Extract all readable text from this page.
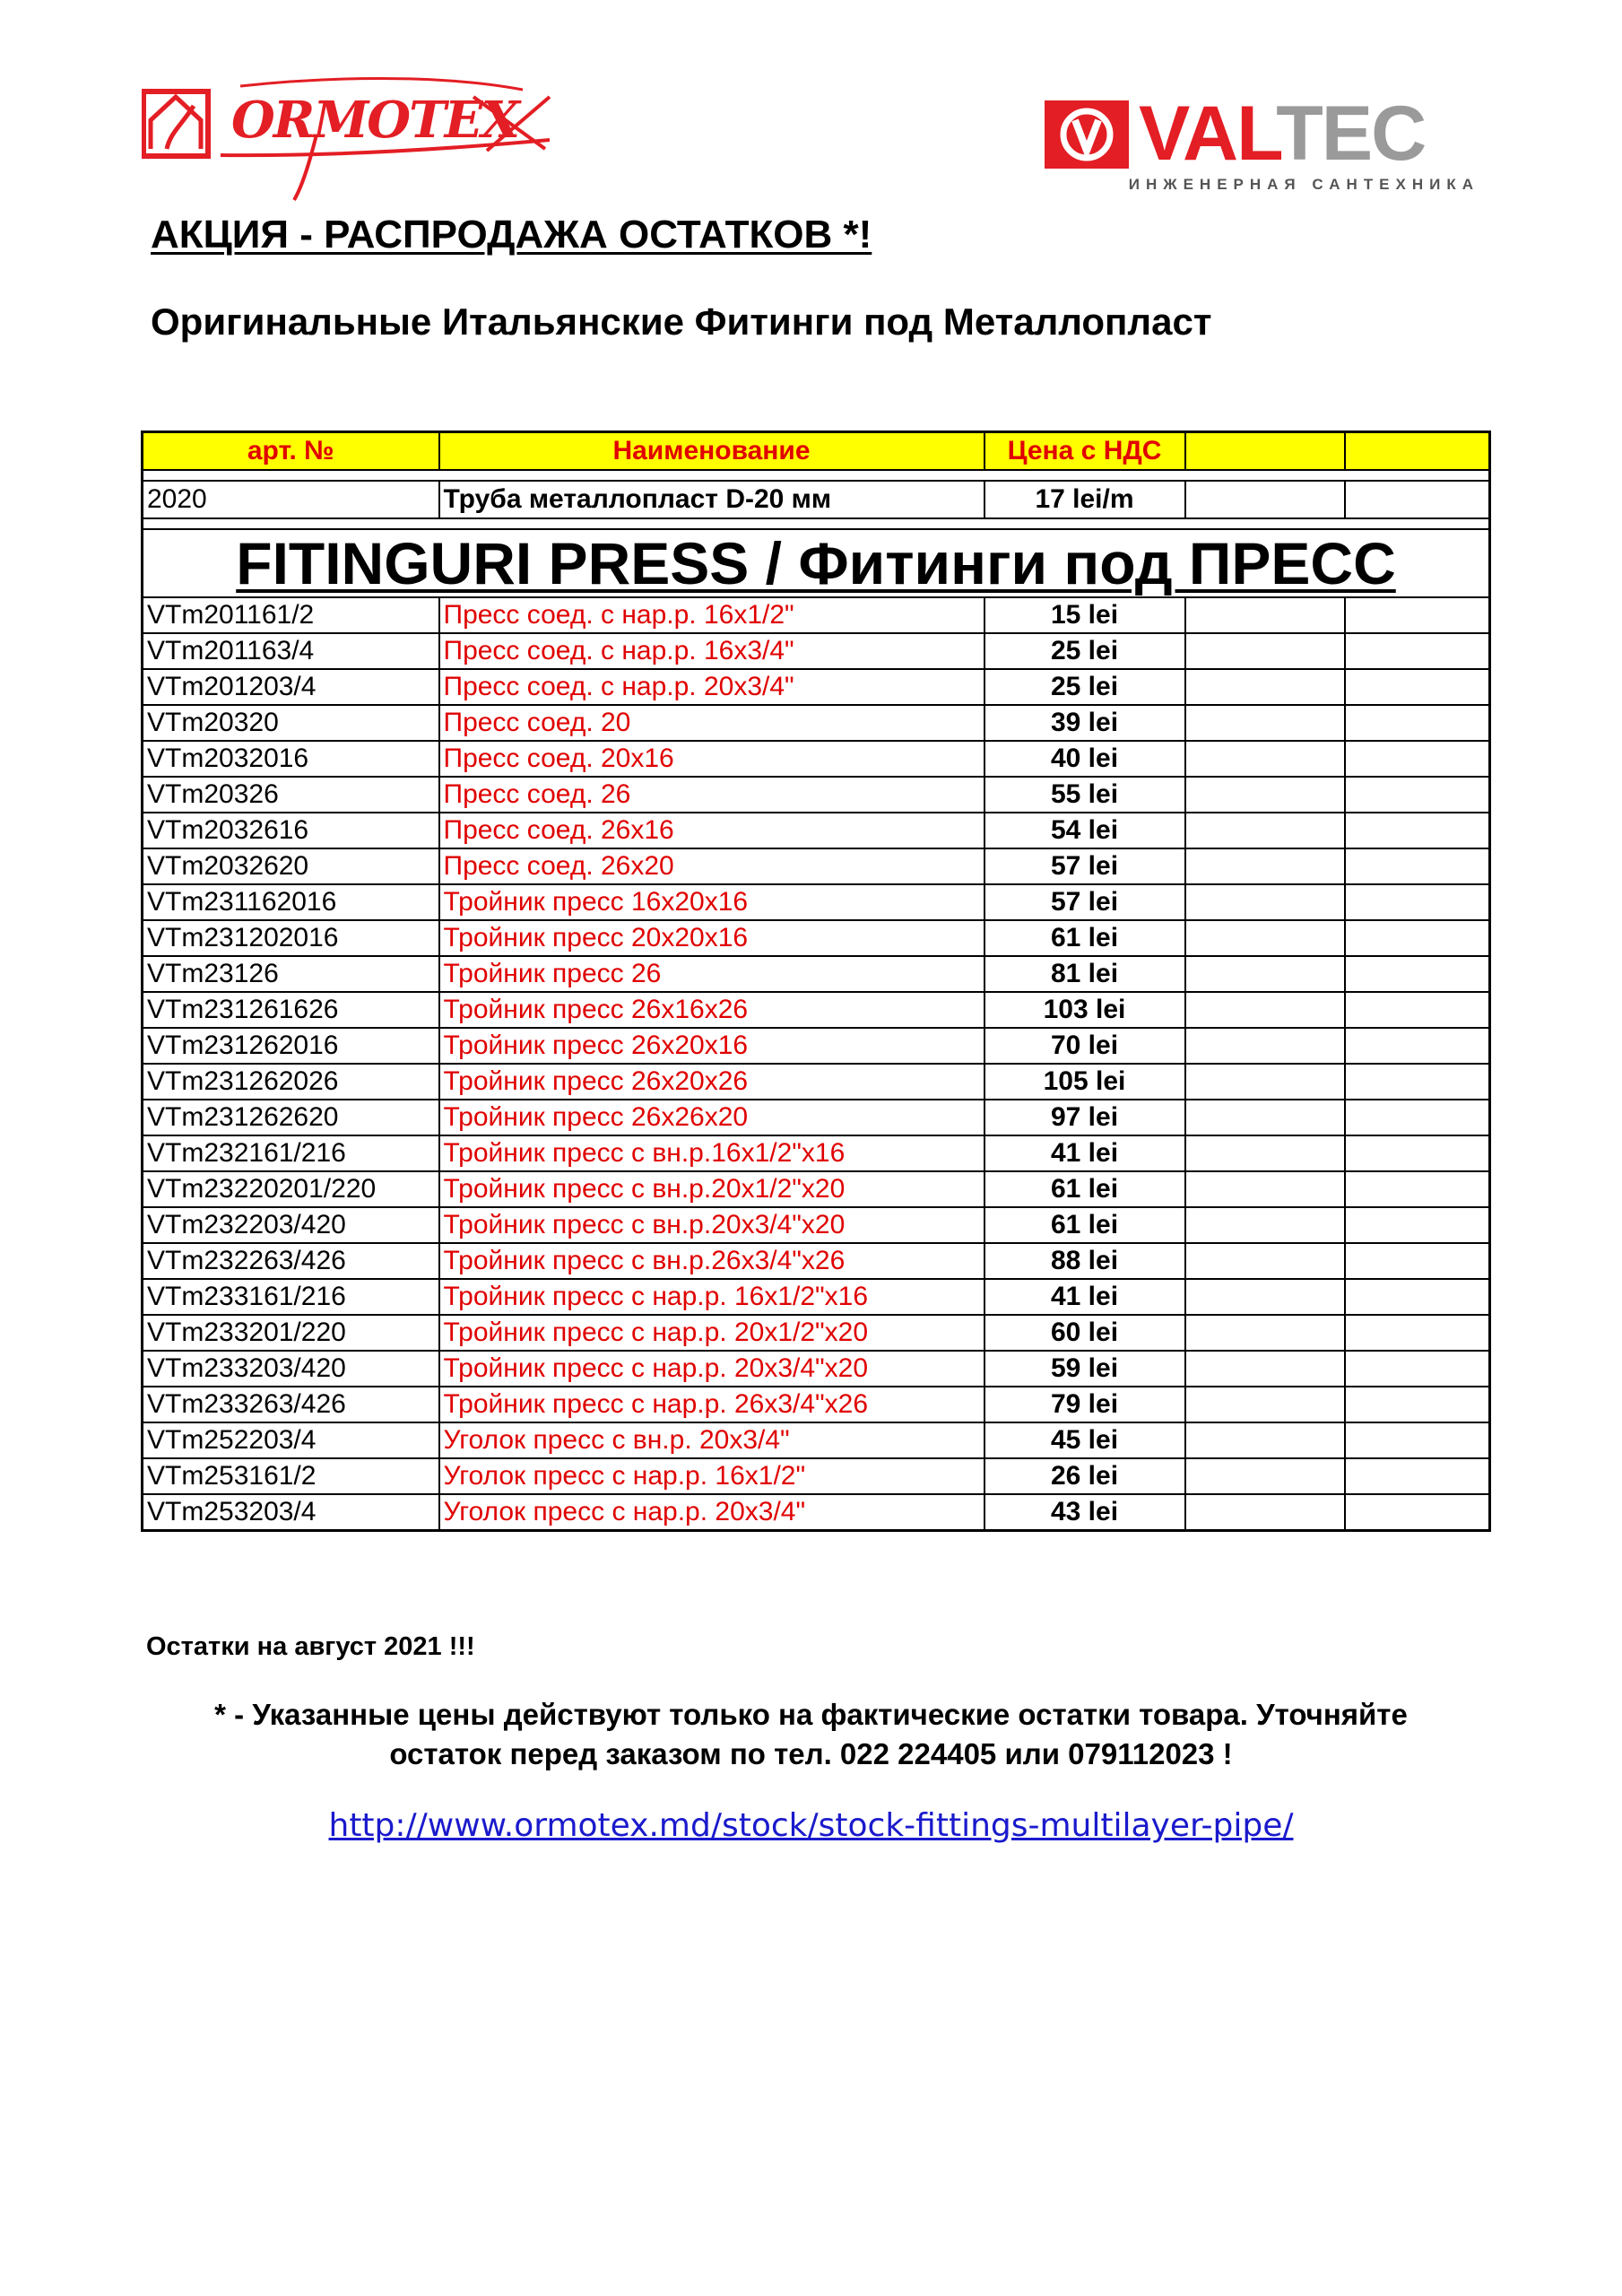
ORMOTEX	VALTEC
ИНЖЕНЕРНАЯ САНТЕХНИКА
АКЦИЯ - РАСПРОДАЖА ОСТАТКОВ *!
Оригинальные Итальянские Фитинги под Металлопласт
арт. №	Наименование	Цена с НДС		

2020	Труба металлопласт D-20 мм	17 lei/m		

FITINGURI PRESS / Фитинги под ПРЕСС				
VTm201161/2	Пресс соед. с нар.р. 16х1/2"	15 lei		
VTm201163/4	Пресс соед. с нар.р. 16х3/4"	25 lei		
VTm201203/4	Пресс соед. с нар.р. 20х3/4"	25 lei		
VTm20320	Пресс соед. 20	39 lei		
VTm2032016	Пресс соед. 20х16	40 lei		
VTm20326	Пресс соед. 26	55 lei		
VTm2032616	Пресс соед. 26х16	54 lei		
VTm2032620	Пресс соед. 26х20	57 lei		
VTm231162016	Тройник пресс 16х20х16	57 lei		
VTm231202016	Тройник пресс 20х20х16	61 lei		
VTm23126	Тройник пресс 26	81 lei		
VTm231261626	Тройник пресс 26х16х26	103 lei		
VTm231262016	Тройник пресс 26х20х16	70 lei		
VTm231262026	Тройник пресс 26х20х26	105 lei		
VTm231262620	Тройник пресс 26х26х20	97 lei		
VTm232161/216	Тройник пресс с вн.р.16х1/2"х16	41 lei		
VTm23220201/220	Тройник пресс с вн.р.20х1/2"х20	61 lei		
VTm232203/420	Тройник пресс с вн.р.20х3/4"х20	61 lei		
VTm232263/426	Тройник пресс с вн.р.26х3/4"х26	88 lei		
VTm233161/216	Тройник пресс с нар.р. 16х1/2"х16	41 lei		
VTm233201/220	Тройник пресс с нар.р. 20х1/2"х20	60 lei		
VTm233203/420	Тройник пресс с нар.р. 20х3/4"х20	59 lei		
VTm233263/426	Тройник пресс с нар.р. 26х3/4"х26	79 lei		
VTm252203/4	Уголок пресс с вн.р. 20х3/4"	45 lei		
VTm253161/2	Уголок пресс с нар.р. 16х1/2"	26 lei		
VTm253203/4	Уголок пресс с нар.р. 20х3/4"	43 lei		
Остатки на август 2021 !!!
* - Указанные цены действуют только на фактические остатки товара. Уточняйте
остаток перед заказом по тел. 022 224405 или 079112023 !
http://www.ormotex.md/stock/stock-fittings-multilayer-pipe/
